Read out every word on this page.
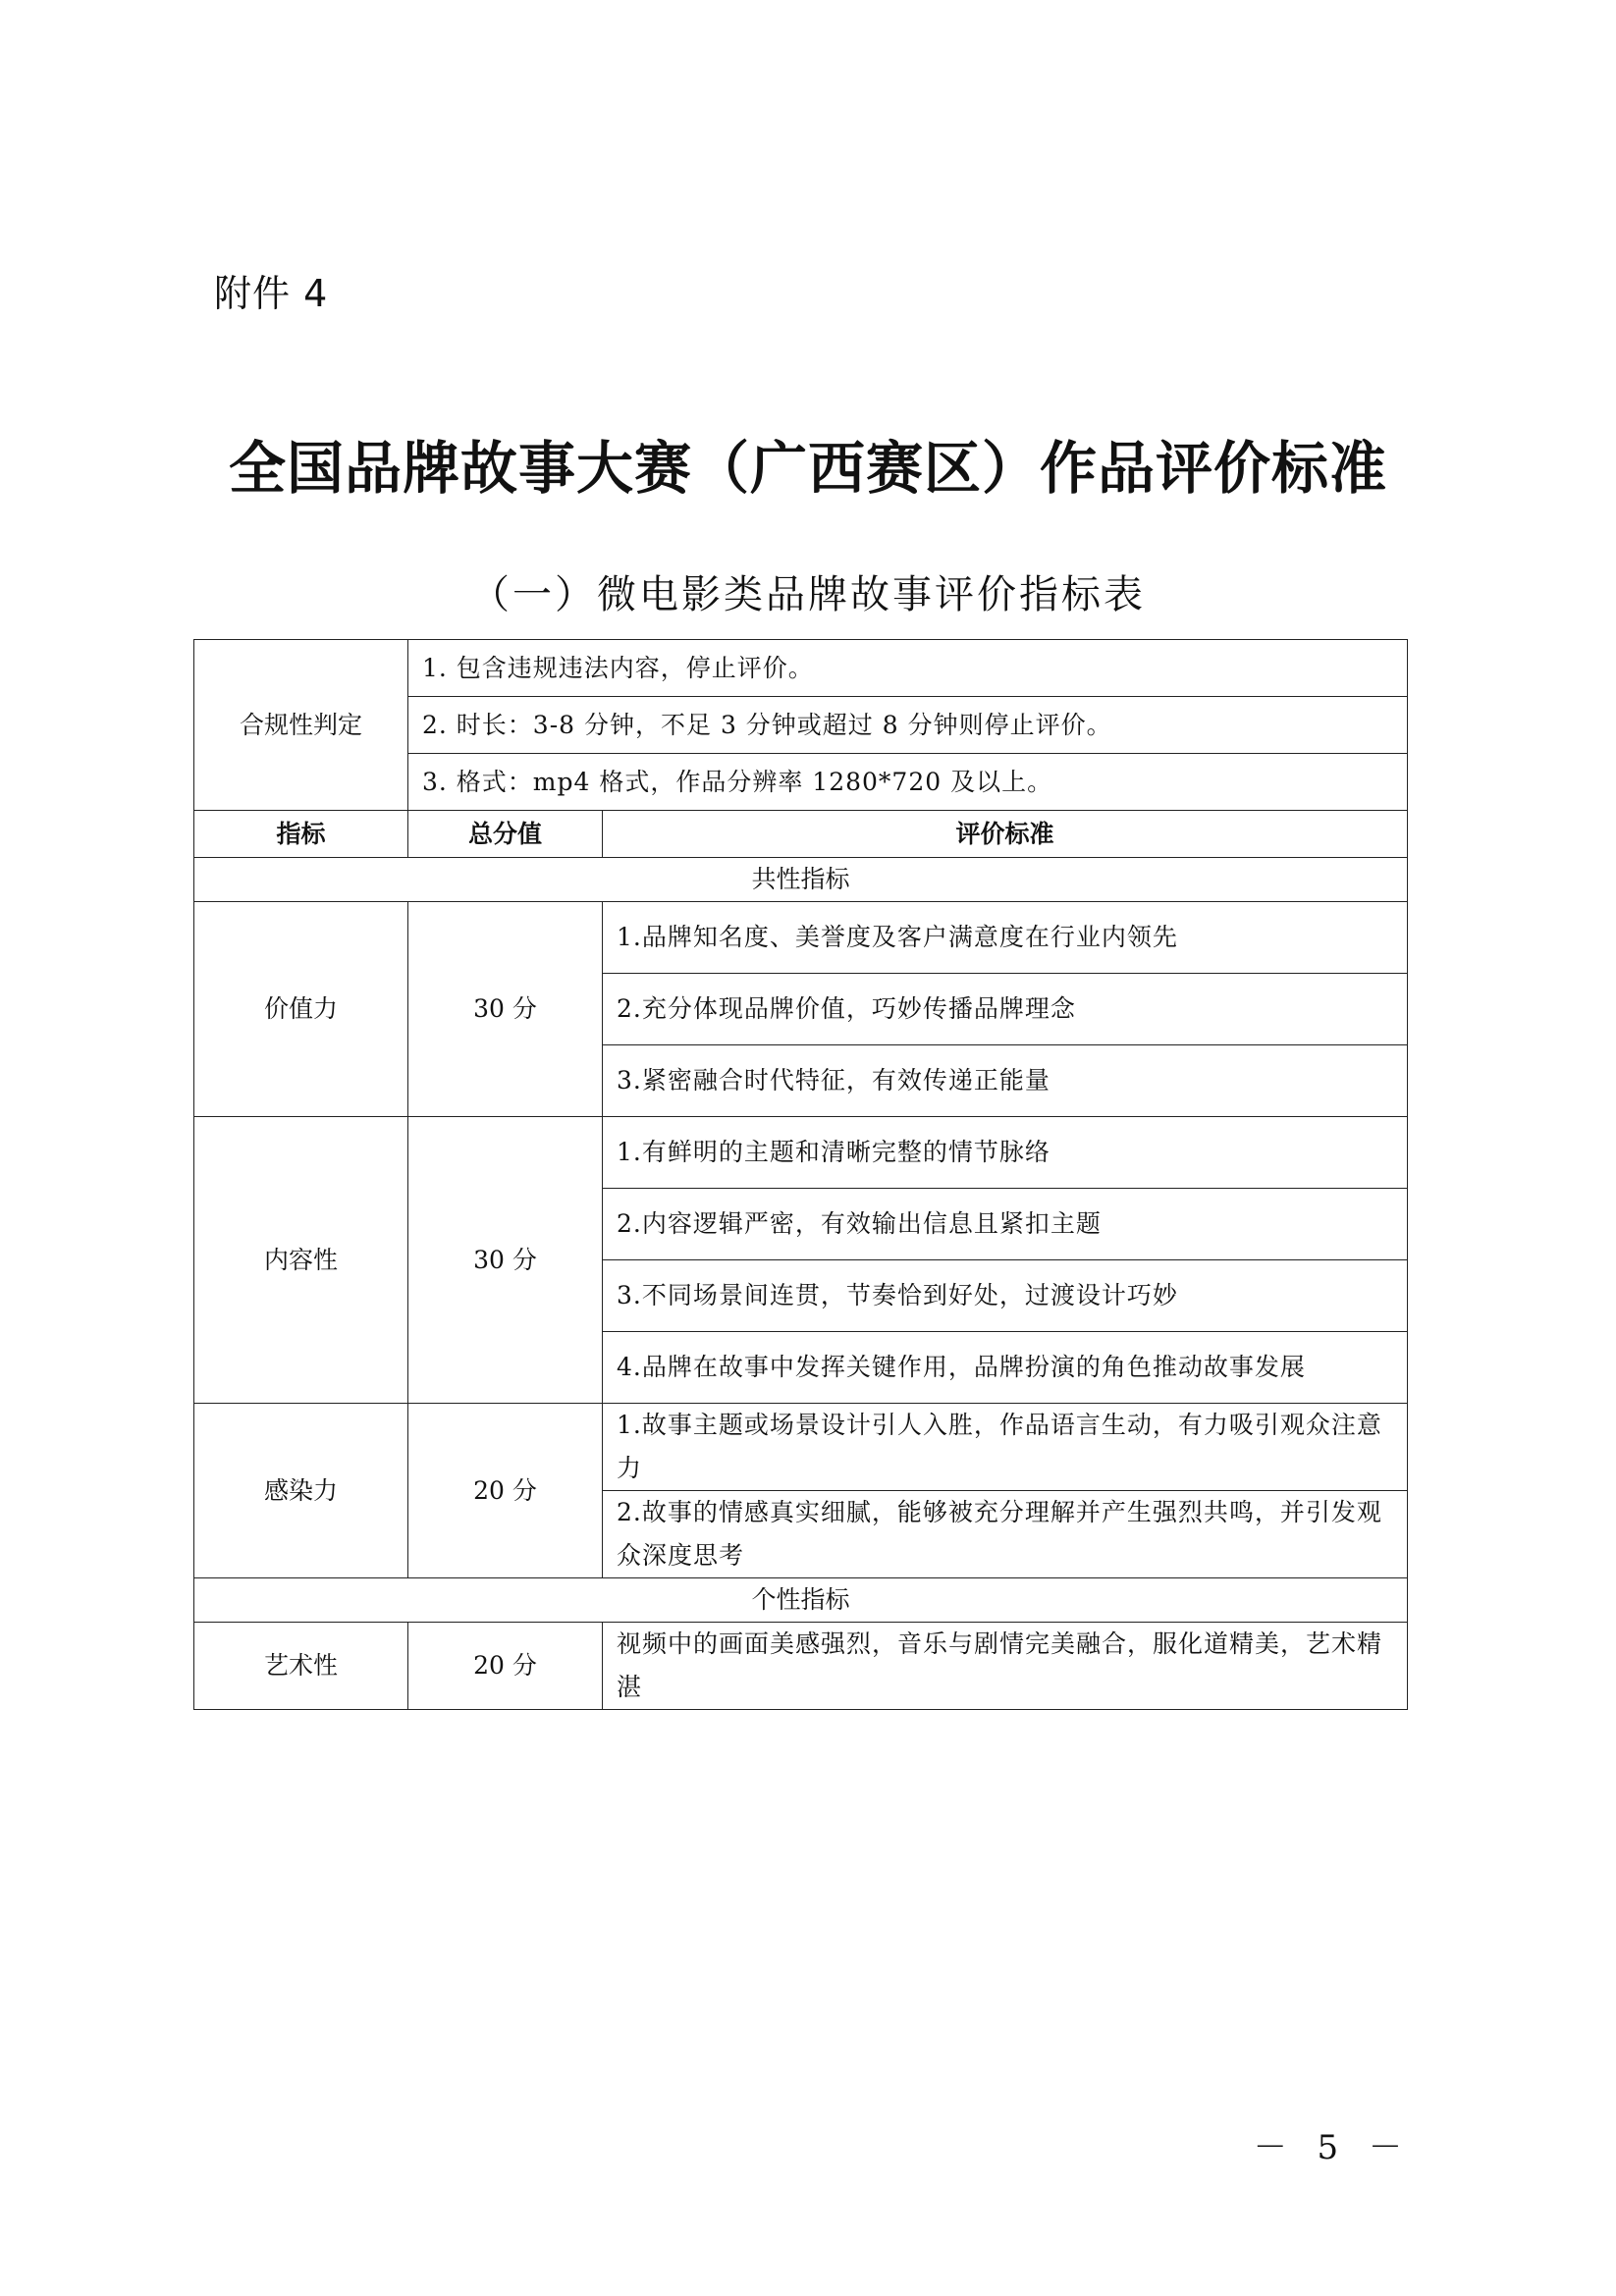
附件 4
全国品牌故事大赛（广西赛区）作品评价标准
（一）微电影类品牌故事评价指标表
合规性判定	1. 包含违规违法内容，停止评价。	
	2. 时长：3-8 分钟，不足 3 分钟或超过 8 分钟则停止评价。	
	3. 格式：mp4 格式，作品分辨率 1280*720 及以上。	
指标	总分值	评价标准
共性指标		
价值力	30 分	1.品牌知名度、美誉度及客户满意度在行业内领先
		2.充分体现品牌价值，巧妙传播品牌理念
		3.紧密融合时代特征，有效传递正能量
内容性	30 分	1.有鲜明的主题和清晰完整的情节脉络
		2.内容逻辑严密，有效输出信息且紧扣主题
		3.不同场景间连贯，节奏恰到好处，过渡设计巧妙
		4.品牌在故事中发挥关键作用，品牌扮演的角色推动故事发展
感染力	20 分	1.故事主题或场景设计引人入胜，作品语言生动，有力吸引观众注意力
		2.故事的情感真实细腻，能够被充分理解并产生强烈共鸣，并引发观众深度思考
个性指标		
艺术性	20 分	视频中的画面美感强烈，音乐与剧情完美融合，服化道精美，艺术精湛
－ 5 －
